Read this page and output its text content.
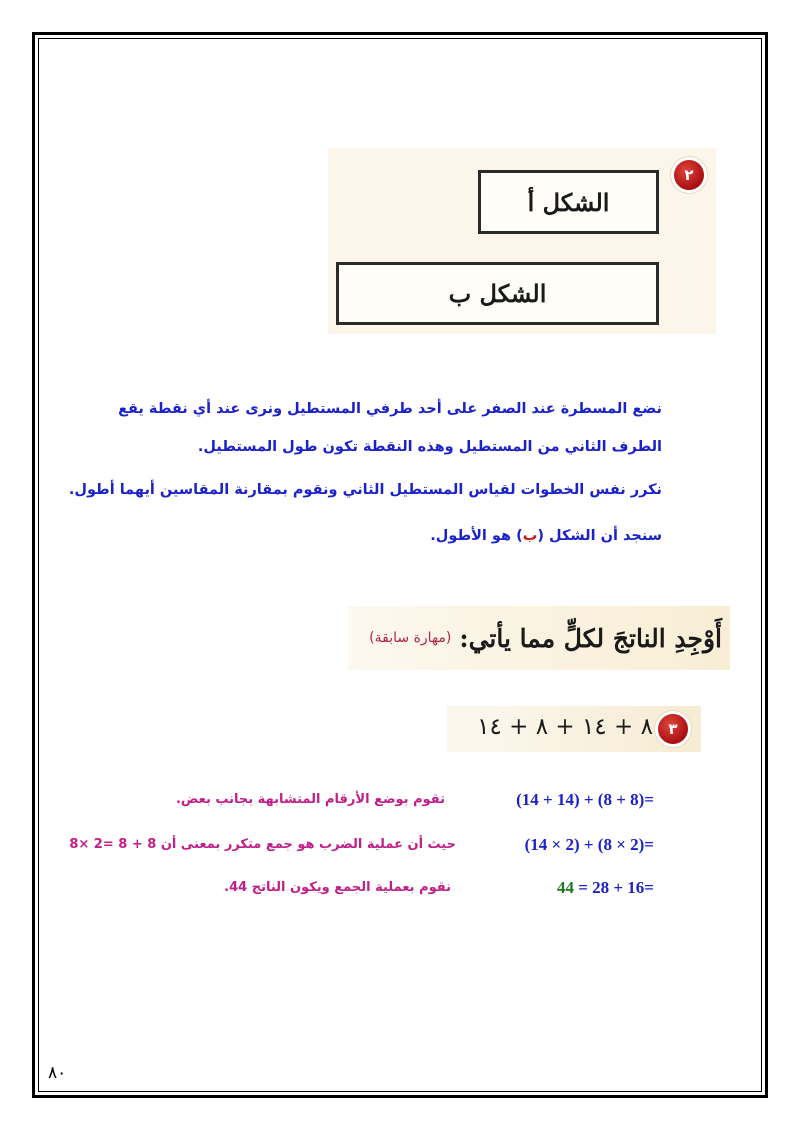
٢
الشكل أ
الشكل ب
نضع المسطرة عند الصفر على أحد طرفي المستطيل ونرى عند أي نقطة يقع
الطرف الثاني من المستطيل وهذه النقطة تكون طول المستطيل.
نكرر نفس الخطوات لقياس المستطيل الثاني ونقوم بمقارنة المقاسين أيهما أطول.
سنجد أن الشكل (ب) هو الأطول.
أَوْجِدِ الناتجَ لكلٍّ مما يأتي:
(مهارة سابقة)
٣
٨ + ١٤ + ٨ + ١٤
(14 + 14) + (8 + 8)=
تقوم بوضع الأرقام المتشابهة بجانب بعض.
(14 × 2) + (8 × 2)=
حيث أن عملية الضرب هو جمع متكرر بمعنى أن 8 + 8 =2 ×8
44 = 28 + 16=
نقوم بعملية الجمع ويكون الناتج 44.
٨٠
